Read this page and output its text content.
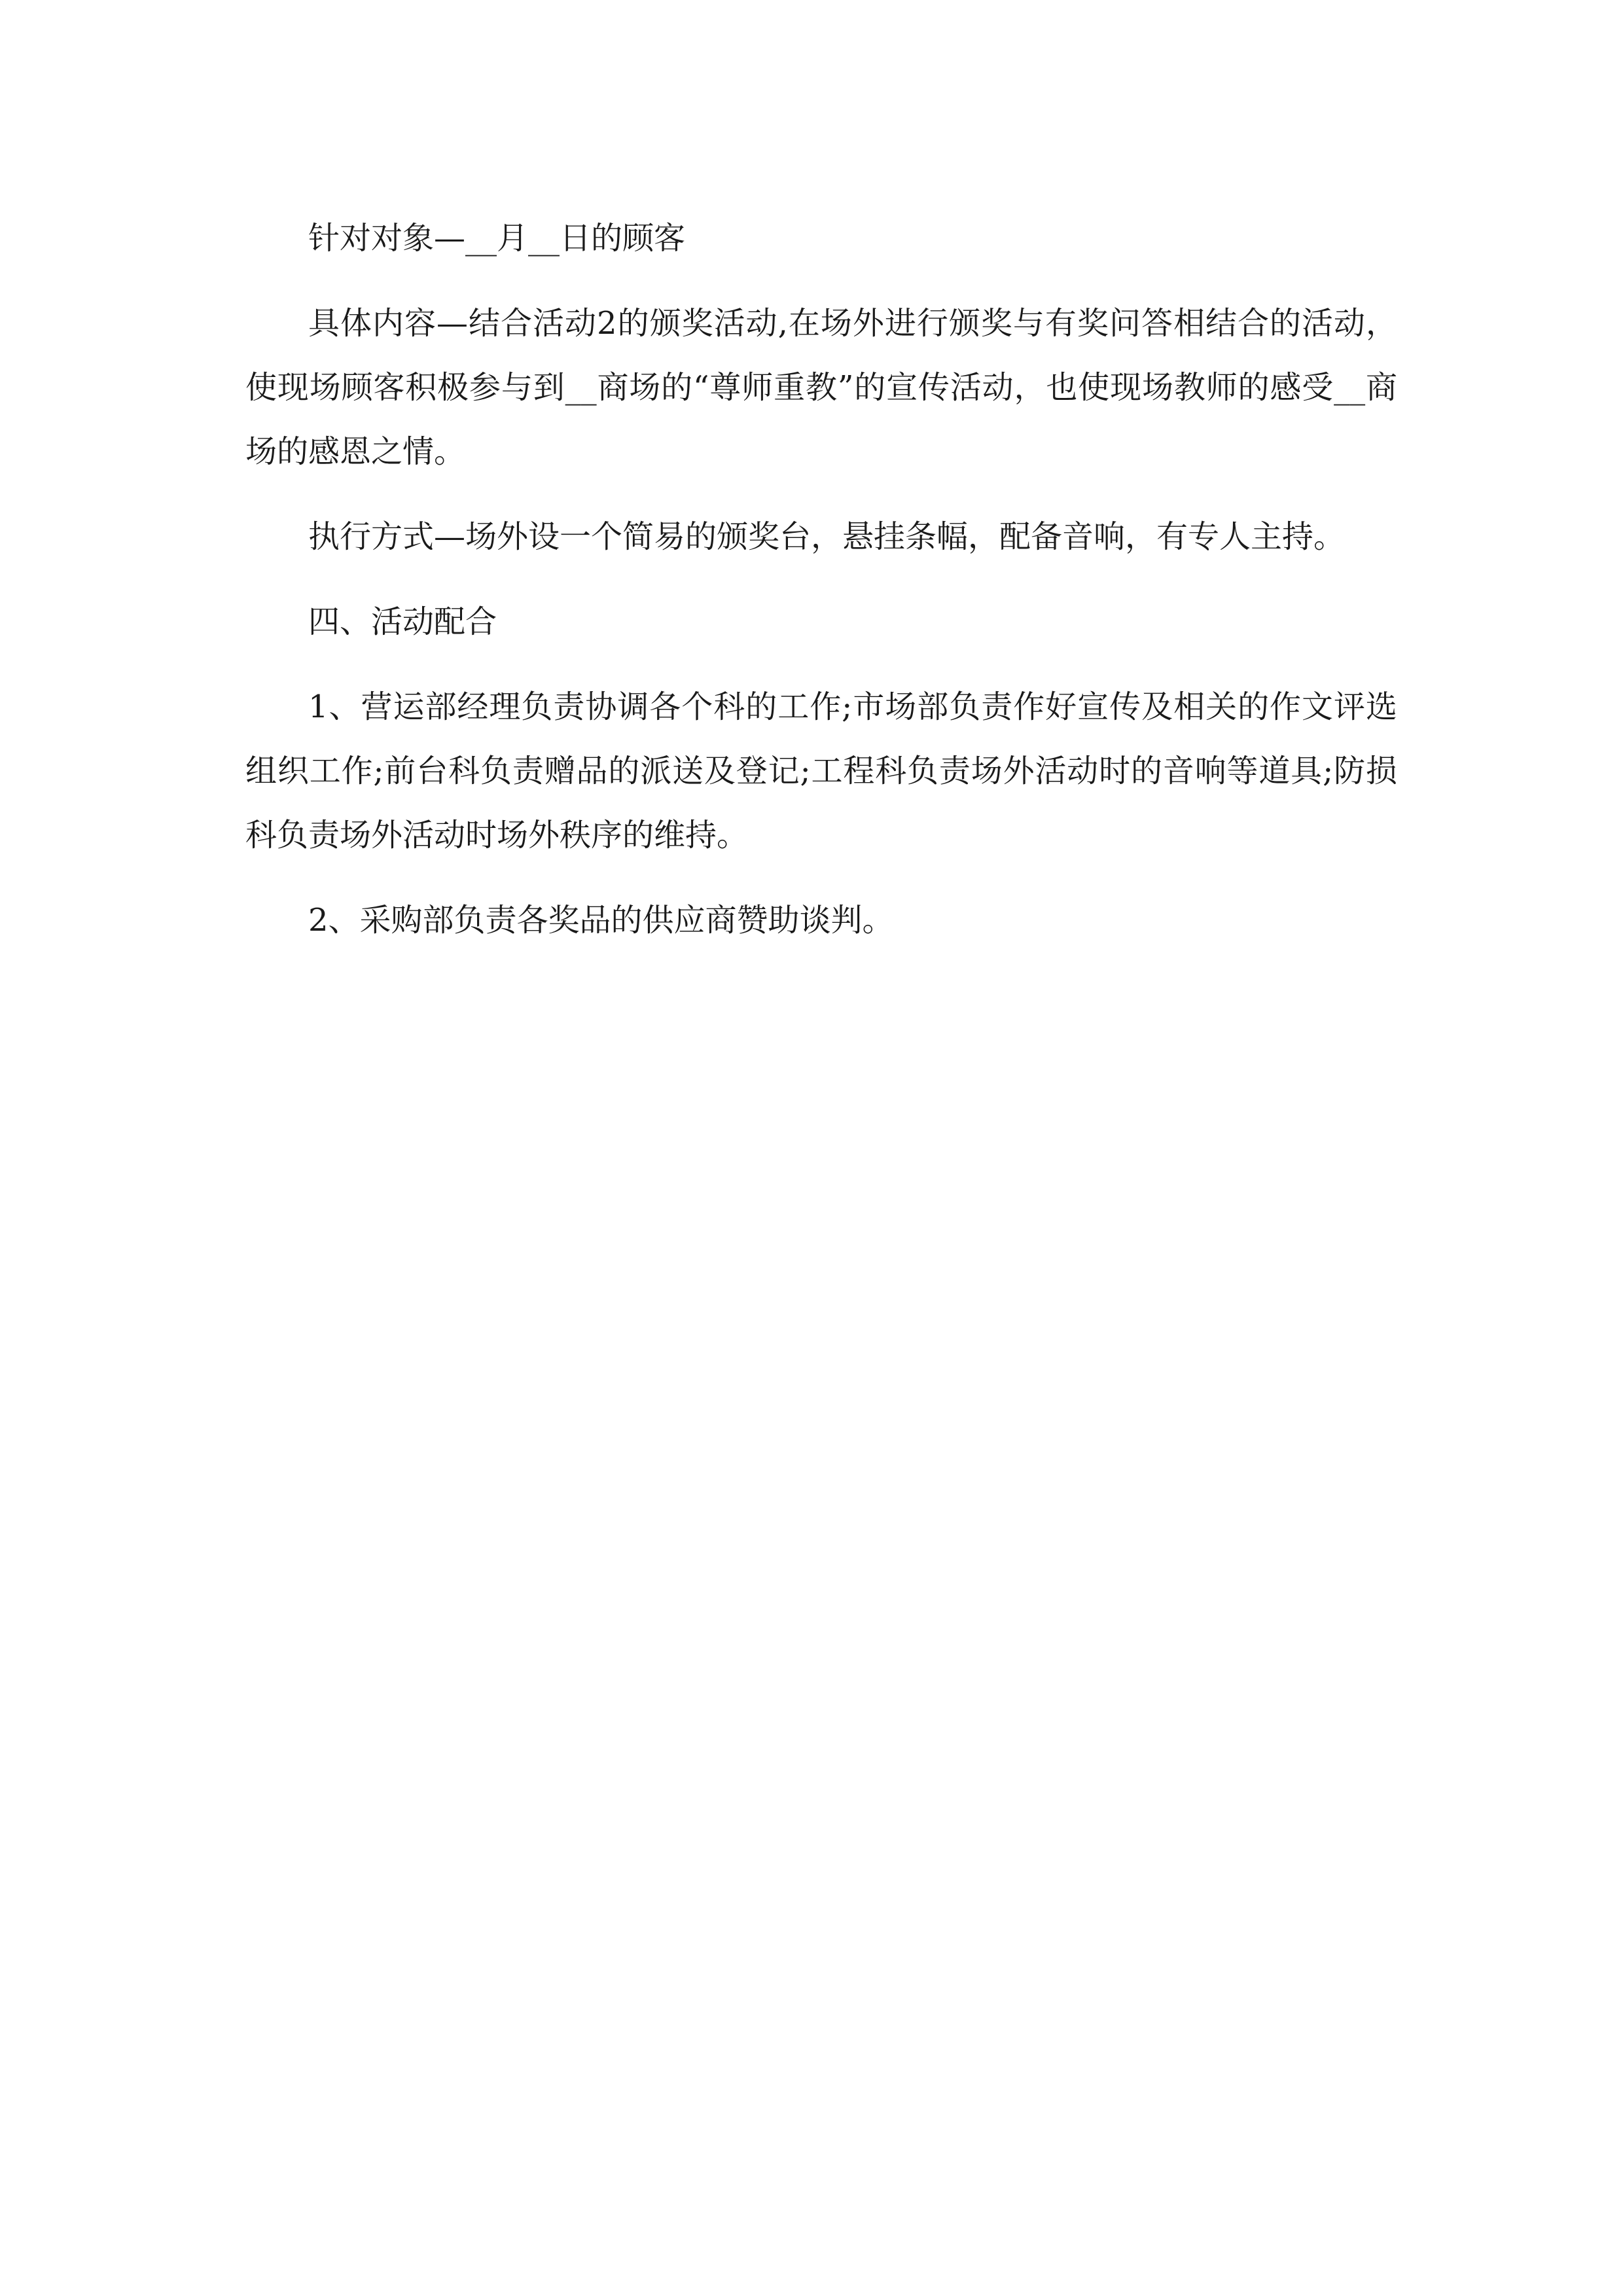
针对对象—__月__日的顾客

具体内容—结合活动2的颁奖活动,在场外进行颁奖与有奖问答相结合的活动，使现场顾客积极参与到__商场的“尊师重教”的宣传活动，也使现场教师的感受__商场的感恩之情。

执行方式—场外设一个简易的颁奖台，悬挂条幅，配备音响，有专人主持。

四、活动配合

1、营运部经理负责协调各个科的工作;市场部负责作好宣传及相关的作文评选组织工作;前台科负责赠品的派送及登记;工程科负责场外活动时的音响等道具;防损科负责场外活动时场外秩序的维持。

2、采购部负责各奖品的供应商赞助谈判。
